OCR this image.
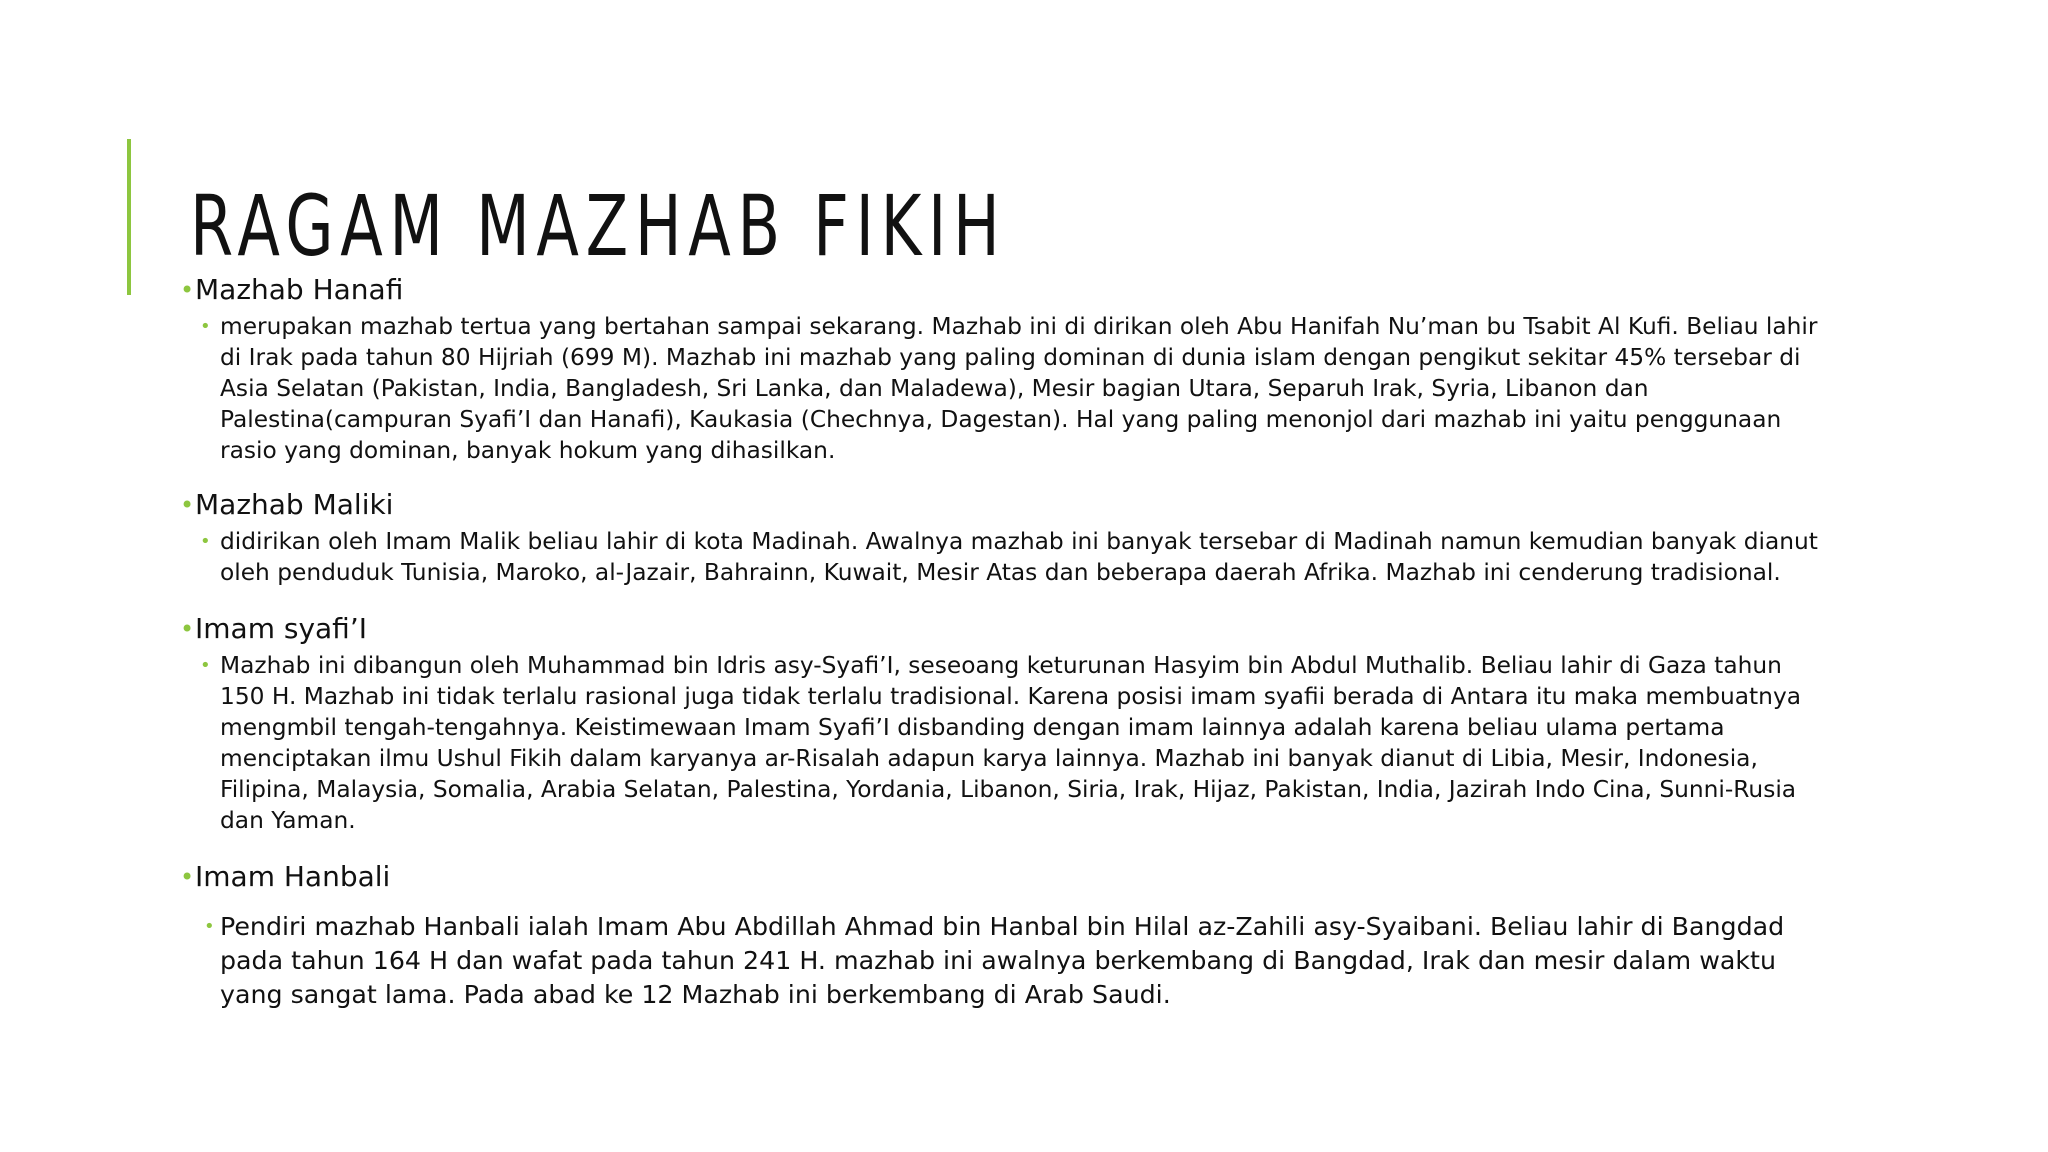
RAGAM MAZHAB FIKIH
• Mazhab Hanafi
• merupakan mazhab tertua yang bertahan sampai sekarang. Mazhab ini di dirikan oleh Abu Hanifah Nu’man bu Tsabit Al Kufi. Beliau lahir di Irak pada tahun 80 Hijriah (699 M). Mazhab ini mazhab yang paling dominan di dunia islam dengan pengikut sekitar 45% tersebar di Asia Selatan (Pakistan, India, Bangladesh, Sri Lanka, dan Maladewa), Mesir bagian Utara, Separuh Irak, Syria, Libanon dan Palestina(campuran Syafi’I dan Hanafi), Kaukasia (Chechnya, Dagestan). Hal yang paling menonjol dari mazhab ini yaitu penggunaan rasio yang dominan, banyak hokum yang dihasilkan.
• Mazhab Maliki
• didirikan oleh Imam Malik beliau lahir di kota Madinah. Awalnya mazhab ini banyak tersebar di Madinah namun kemudian banyak dianut oleh penduduk Tunisia, Maroko, al-Jazair, Bahrainn, Kuwait, Mesir Atas dan beberapa daerah Afrika. Mazhab ini cenderung tradisional.
• Imam syafi’I
• Mazhab ini dibangun oleh Muhammad bin Idris asy-Syafi’I, seseoang keturunan Hasyim bin Abdul Muthalib. Beliau lahir di Gaza tahun 150 H. Mazhab ini tidak terlalu rasional juga tidak terlalu tradisional. Karena posisi imam syafii berada di Antara itu maka membuatnya mengmbil tengah-tengahnya. Keistimewaan Imam Syafi’I disbanding dengan imam lainnya adalah karena beliau ulama pertama menciptakan ilmu Ushul Fikih dalam karyanya ar-Risalah adapun karya lainnya. Mazhab ini banyak dianut di Libia, Mesir, Indonesia, Filipina, Malaysia, Somalia, Arabia Selatan, Palestina, Yordania, Libanon, Siria, Irak, Hijaz, Pakistan, India, Jazirah Indo Cina, Sunni-Rusia dan Yaman.
• Imam Hanbali
• Pendiri mazhab Hanbali ialah Imam Abu Abdillah Ahmad bin Hanbal bin Hilal az-Zahili asy-Syaibani. Beliau lahir di Bangdad pada tahun 164 H dan wafat pada tahun 241 H. mazhab ini awalnya berkembang di Bangdad, Irak dan mesir dalam waktu yang sangat lama. Pada abad ke 12 Mazhab ini berkembang di Arab Saudi.
